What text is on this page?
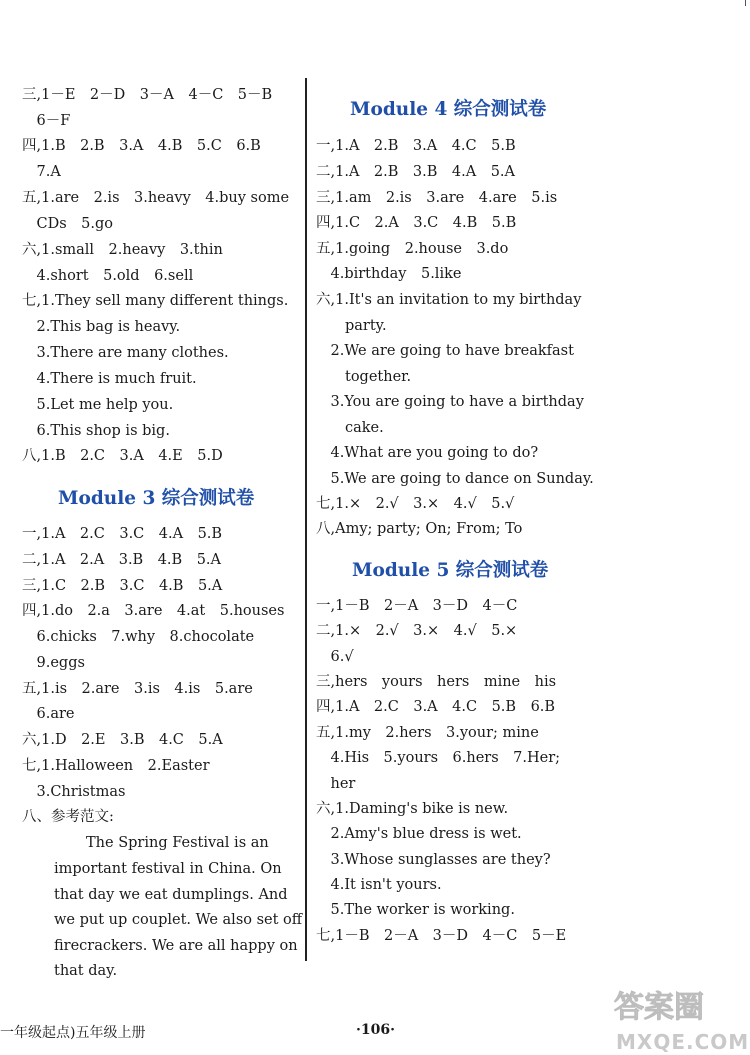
三,1－E　2－D　3－A　4－C　5－B
　6－F
四,1.B　2.B　3.A　4.B　5.C　6.B
　7.A
五,1.are　2.is　3.heavy　4.buy some
　CDs　5.go
六,1.small　2.heavy　3.thin
　4.short　5.old　6.sell
七,1.They sell many different things.
　2.This bag is heavy.
　3.There are many clothes.
　4.There is much fruit.
　5.Let me help you.
　6.This shop is big.
八,1.B　2.C　3.A　4.E　5.D
Module 3 综合测试卷
一,1.A　2.C　3.C　4.A　5.B
二,1.A　2.A　3.B　4.B　5.A
三,1.C　2.B　3.C　4.B　5.A
四,1.do　2.a　3.are　4.at　5.houses
　6.chicks　7.why　8.chocolate
　9.eggs
五,1.is　2.are　3.is　4.is　5.are
　6.are
六,1.D　2.E　3.B　4.C　5.A
七,1.Halloween　2.Easter
　3.Christmas
八、参考范文:
The Spring Festival is an
important festival in China. On
that day we eat dumplings. And
we put up couplet. We also set off
firecrackers. We are all happy on
that day.
Module 4 综合测试卷
一,1.A　2.B　3.A　4.C　5.B
二,1.A　2.B　3.B　4.A　5.A
三,1.am　2.is　3.are　4.are　5.is
四,1.C　2.A　3.C　4.B　5.B
五,1.going　2.house　3.do
　4.birthday　5.like
六,1.It's an invitation to my birthday
　　party.
　2.We are going to have breakfast
　　together.
　3.You are going to have a birthday
　　cake.
　4.What are you going to do?
　5.We are going to dance on Sunday.
七,1.×　2.√　3.×　4.√　5.√
八,Amy; party; On; From; To
Module 5 综合测试卷
一,1－B　2－A　3－D　4－C
二,1.×　2.√　3.×　4.√　5.×
　6.√
三,hers　yours　hers　mine　his
四,1.A　2.C　3.A　4.C　5.B　6.B
五,1.my　2.hers　3.your; mine
　4.His　5.yours　6.hers　7.Her;
　her
六,1.Daming's bike is new.
　2.Amy's blue dress is wet.
　3.Whose sunglasses are they?
　4.It isn't yours.
　5.The worker is working.
七,1－B　2－A　3－D　4－C　5－E
一年级起点)五年级上册	·106·
答案圈
MXQE.COM
